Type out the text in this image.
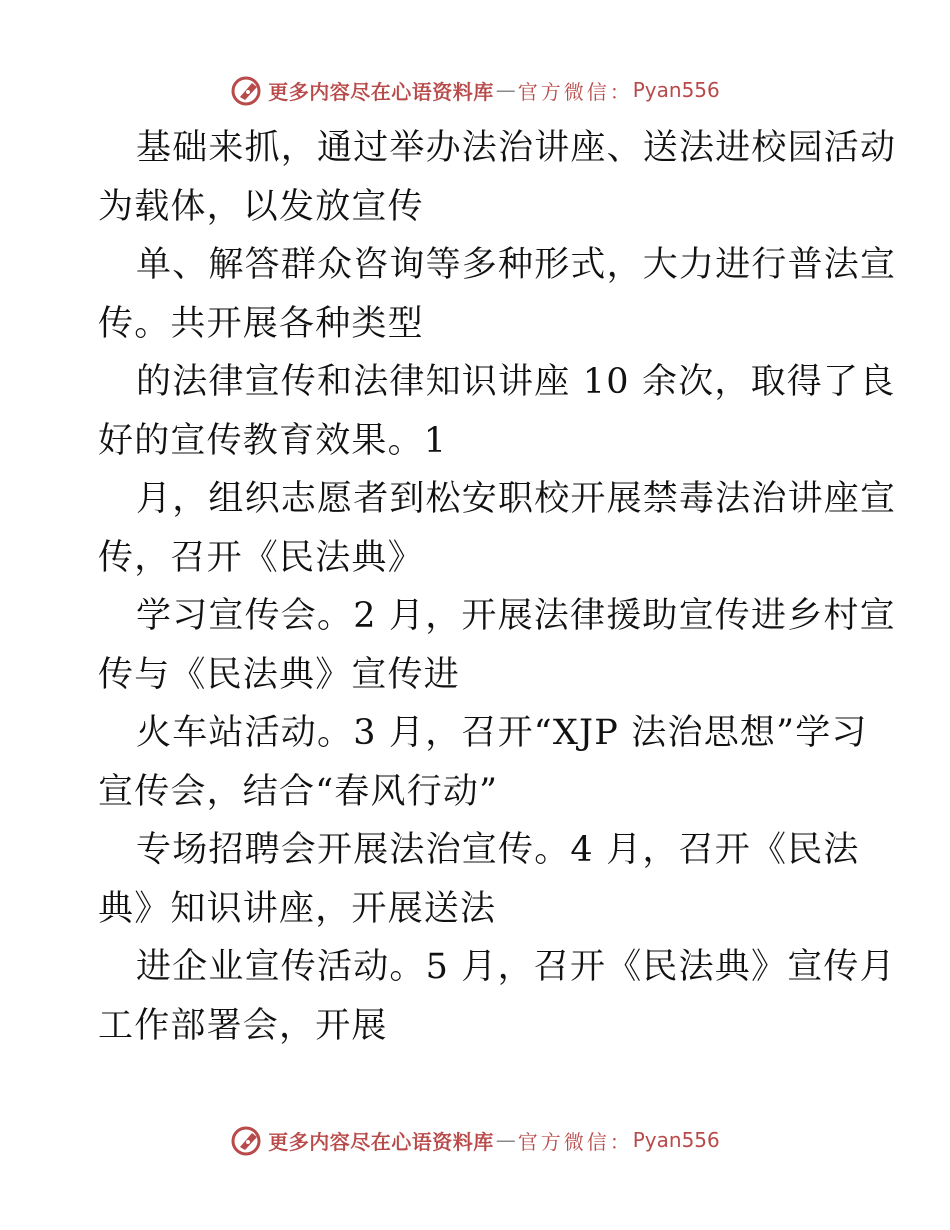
更多内容尽在心语资料库 — 官方微信： Pyan556
基础来抓，通过举办法治讲座、送法进校园活动
为载体，以发放宣传
单、解答群众咨询等多种形式，大力进行普法宣
传。共开展各种类型
的法律宣传和法律知识讲座 10 余次，取得了良
好的宣传教育效果。1
月，组织志愿者到松安职校开展禁毒法治讲座宣
传，召开《民法典》
学习宣传会。2 月，开展法律援助宣传进乡村宣
传与《民法典》宣传进
火车站活动。3 月，召开“XJP 法治思想”学习
宣传会，结合“春风行动”
专场招聘会开展法治宣传。4 月，召开《民法
典》知识讲座，开展送法
进企业宣传活动。5 月，召开《民法典》宣传月
工作部署会，开展
更多内容尽在心语资料库 — 官方微信： Pyan556
